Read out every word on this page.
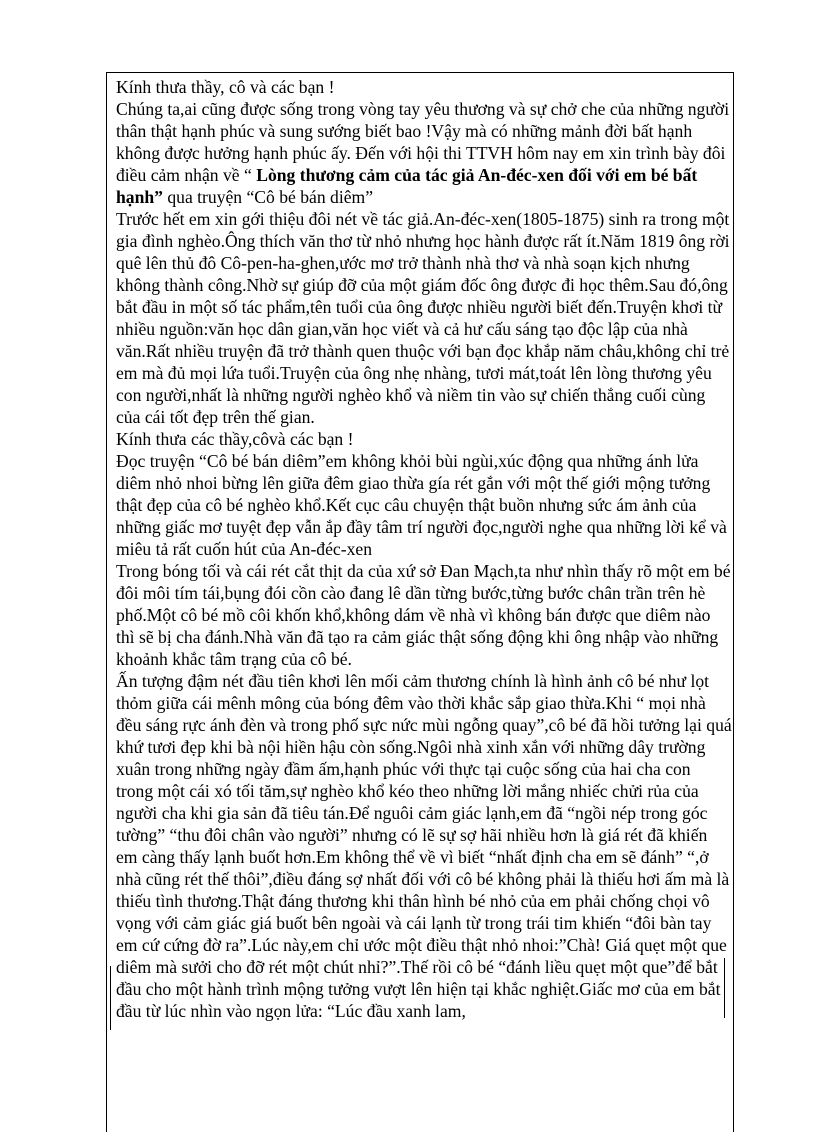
Kính thưa thầy, cô và các bạn !

Chúng ta,ai cũng được sống trong vòng tay yêu thương và sự chở che của những người thân thật hạnh phúc và sung sướng biết bao !Vậy mà có những mảnh đời bất hạnh không được hưởng hạnh phúc ấy. Đến với hội thi TTVH hôm nay em xin trình bày đôi điều cảm nhận về “ Lòng thương cảm của tác giả An-đéc-xen đối với em bé bất hạnh” qua truyện “Cô bé bán diêm”

Trước hết em xin gới thiệu đôi nét về tác giả.An-đéc-xen(1805-1875) sinh ra trong một gia đình nghèo.Ông thích văn thơ từ nhỏ nhưng học hành được rất ít.Năm 1819 ông rời quê lên thủ đô Cô-pen-ha-ghen,ước mơ trở thành nhà thơ và nhà soạn kịch nhưng không thành công.Nhờ sự giúp đỡ của một giám đốc ông được đi học thêm.Sau đó,ông bắt đầu in một số tác phẩm,tên tuổi của ông được nhiều người biết đến.Truyện khơi từ nhiều nguồn:văn học dân gian,văn học viết và cả hư cấu sáng tạo độc lập của nhà văn.Rất nhiều truyện đã trở thành quen thuộc với bạn đọc khắp năm châu,không chỉ trẻ em mà đủ mọi lứa tuổi.Truyện của ông nhẹ nhàng, tươi mát,toát lên lòng thương yêu con người,nhất là những người nghèo khổ và niềm tin vào sự chiến thắng cuối cùng của cái tốt đẹp trên thế gian.

Kính thưa các thầy,côvà các bạn !

Đọc truyện “Cô bé bán diêm”em không khỏi bùi ngùi,xúc động qua những ánh lửa diêm nhỏ nhoi bừng lên giữa đêm giao thừa gía rét gắn với một thế giới mộng tưởng thật đẹp của cô bé nghèo khổ.Kết cục câu chuyện thật buồn nhưng sức ám ảnh của những giấc mơ tuyệt đẹp vẫn ắp đầy tâm trí người đọc,người nghe qua những lời kể và miêu tả rất cuốn hút của An-đéc-xen

Trong bóng tối và cái rét cắt thịt da của xứ sở Đan Mạch,ta như nhìn thấy rõ một em bé đôi môi tím tái,bụng đói cồn cào đang lê dần từng bước,từng bước chân trần trên hè phố.Một cô bé mồ côi khốn khổ,không dám về nhà vì không bán được que diêm nào thì sẽ bị cha đánh.Nhà văn đã tạo ra cảm giác thật sống động khi ông nhập vào những khoảnh khắc tâm trạng của cô bé.

Ấn tượng đậm nét đầu tiên khơi lên mối cảm thương chính là hình ảnh cô bé như lọt thỏm giữa cái mênh mông của bóng đêm vào thời khắc sắp giao thừa.Khi “ mọi nhà đều sáng rực ánh đèn và trong phố sực nức mùi ngỗng quay”,cô bé đã hồi tưởng lại quá khứ tươi đẹp khi bà nội hiền hậu còn sống.Ngôi nhà xinh xắn với những dây trường xuân trong những ngày đầm ấm,hạnh phúc với thực tại cuộc sống của hai cha con trong một cái xó tối tăm,sự nghèo khổ kéo theo những lời mắng nhiếc chửi rủa của người cha khi gia sản đã tiêu tán.Để nguôi cảm giác lạnh,em đã “ngồi nép trong góc tường” “thu đôi chân vào người” nhưng có lẽ sự sợ hãi nhiều hơn là giá rét đã khiến em càng thấy lạnh buốt hơn.Em không thể về vì biết “nhất định cha em sẽ đánh” “,ở nhà cũng rét thế thôi”,điều đáng sợ nhất đối với cô bé không phải là thiếu hơi ấm mà là thiếu tình thương.Thật đáng thương khi thân hình bé nhỏ của em phải chống chọi vô vọng với cảm giác giá buốt bên ngoài và cái lạnh từ trong trái tim khiến “đôi bàn tay em cứ cứng đờ ra”.Lúc này,em chỉ ước một điều thật nhỏ nhoi:”Chà! Giá quẹt một que diêm mà sưởi cho đỡ rét một chút nhỉ?”.Thế rồi cô bé “đánh liều quẹt một que”để bắt đầu cho một hành trình mộng tưởng vượt lên hiện tại khắc nghiệt.Giấc mơ của em bắt đầu từ lúc nhìn vào ngọn lửa: “Lúc đầu xanh lam,
